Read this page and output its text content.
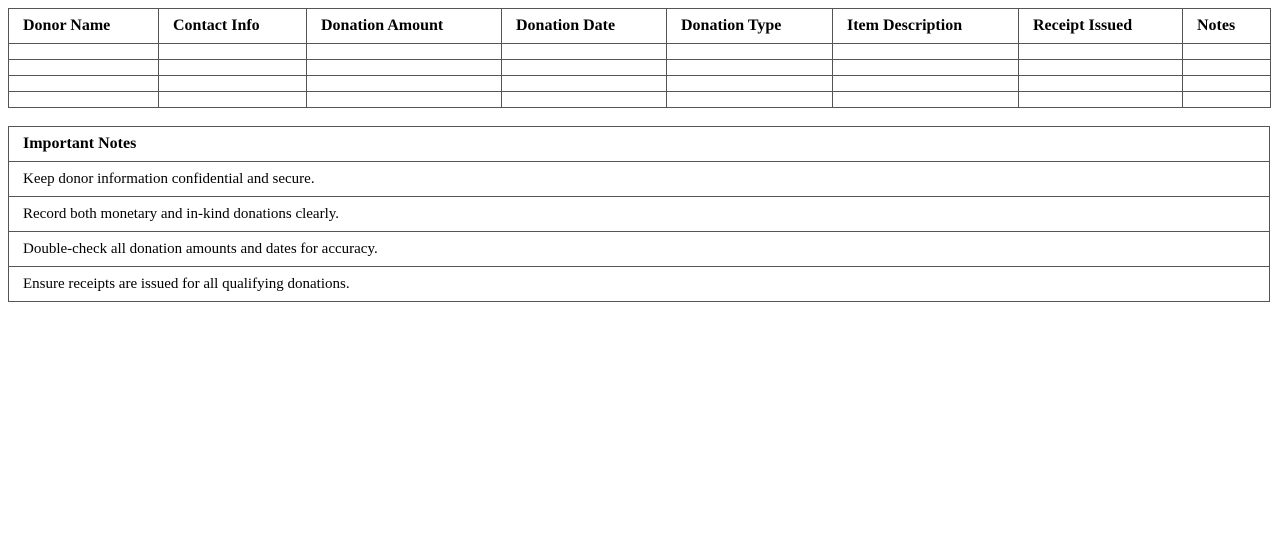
Donor Name	Contact Info	Donation Amount	Donation Date	Donation Type	Item Description	Receipt Issued	Notes

Important Notes
Keep donor information confidential and secure.
Record both monetary and in-kind donations clearly.
Double-check all donation amounts and dates for accuracy.
Ensure receipts are issued for all qualifying donations.
